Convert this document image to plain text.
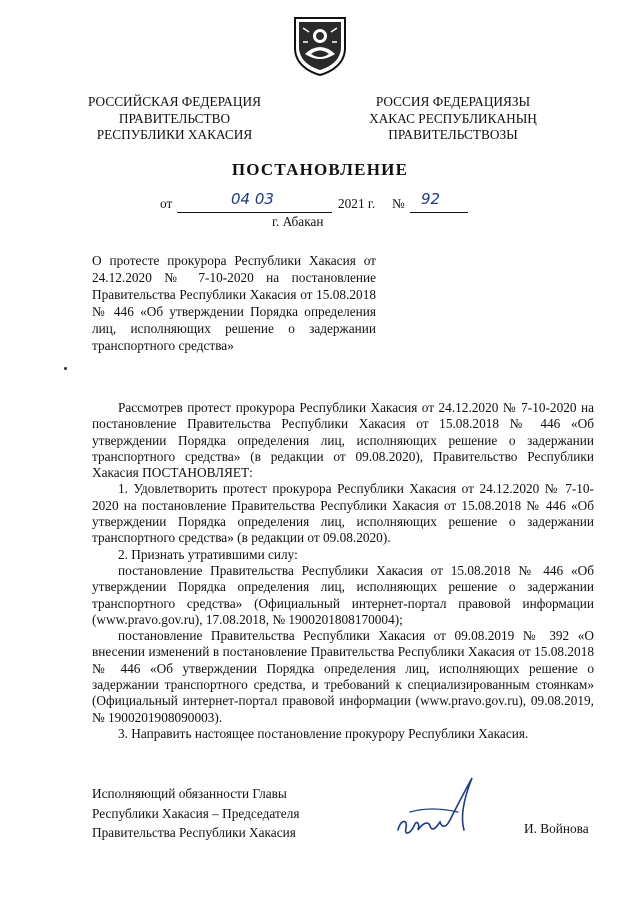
РОССИЙСКАЯ ФЕДЕРАЦИЯ
ПРАВИТЕЛЬСТВО
РЕСПУБЛИКИ ХАКАСИЯ
РОССИЯ ФЕДЕРАЦИЯЗЫ
ХАКАС РЕСПУБЛИКАНЫҢ
ПРАВИТЕЛЬСТВОЗЫ
ПОСТАНОВЛЕНИЕ
от	04 03	2021 г. № 92
г. Абакан
О протесте прокурора Республики Хакасия от 24.12.2020 № 7-10-2020 на постановление Правительства Республики Хакасия от 15.08.2018 № 446 «Об утверждении Порядка определения лиц, исполняющих решение о задержании транспортного средства»

Рассмотрев протест прокурора Республики Хакасия от 24.12.2020 № 7-10-2020 на постановление Правительства Республики Хакасия от 15.08.2018 № 446 «Об утверждении Порядка определения лиц, исполняющих решение о задержании транспортного средства» (в редакции от 09.08.2020), Правительство Республики Хакасия ПОСТАНОВЛЯЕТ:

1. Удовлетворить протест прокурора Республики Хакасия от 24.12.2020 № 7-10-2020 на постановление Правительства Республики Хакасия от 15.08.2018 № 446 «Об утверждении Порядка определения лиц, исполняющих решение о задержании транспортного средства» (в редакции от 09.08.2020).

2. Признать утратившими силу:

постановление Правительства Республики Хакасия от 15.08.2018 № 446 «Об утверждении Порядка определения лиц, исполняющих решение о задержании транспортного средства» (Официальный интернет-портал правовой информации (www.pravo.gov.ru), 17.08.2018, № 1900201808170004);

постановление Правительства Республики Хакасия от 09.08.2019 № 392 «О внесении изменений в постановление Правительства Республики Хакасия от 15.08.2018 № 446 «Об утверждении Порядка определения лиц, исполняющих решение о задержании транспортного средства, и требований к специализированным стоянкам» (Официальный интернет-портал правовой информации (www.pravo.gov.ru), 09.08.2019, № 1900201908090003).

3. Направить настоящее постановление прокурору Республики Хакасия.

Исполняющий обязанности Главы
Республики Хакасия – Председателя
Правительства Республики Хакасия	И. Войнова
